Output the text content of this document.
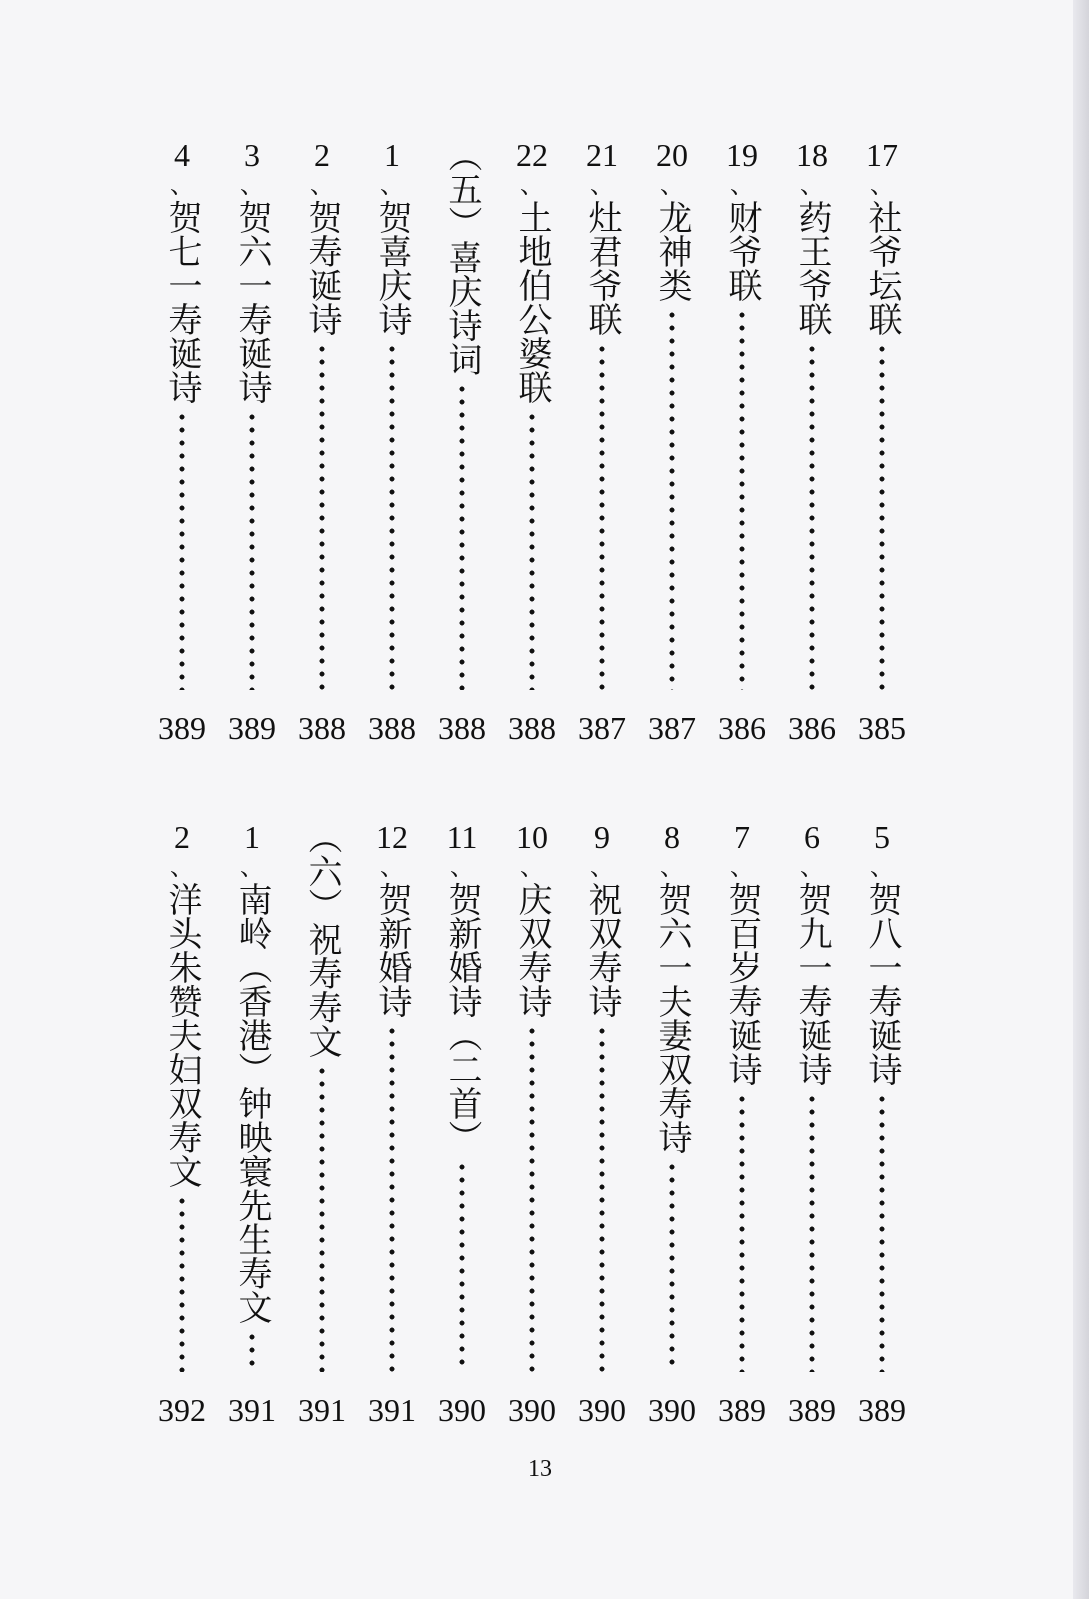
17
、
社爷坛联
385
18
、
药王爷联
386
19
、
财爷联
386
20
、
龙神类
387
21
、
灶君爷联
387
22
、
土地伯公婆联
388
（五）喜庆诗词
388
1
、
贺喜庆诗
388
2
、
贺寿诞诗
388
3
、
贺六一寿诞诗
389
4
、
贺七一寿诞诗
389
5
、
贺八一寿诞诗
389
6
、
贺九一寿诞诗
389
7
、
贺百岁寿诞诗
389
8
、
贺六一夫妻双寿诗
390
9
、
祝双寿诗
390
10
、
庆双寿诗
390
11
、
贺新婚诗（二首）
390
12
、
贺新婚诗
391
（六）祝寿寿文
391
1
、
南岭（香港）钟映寰先生寿文
391
2
、
洋头朱赞夫妇双寿文
392
13
